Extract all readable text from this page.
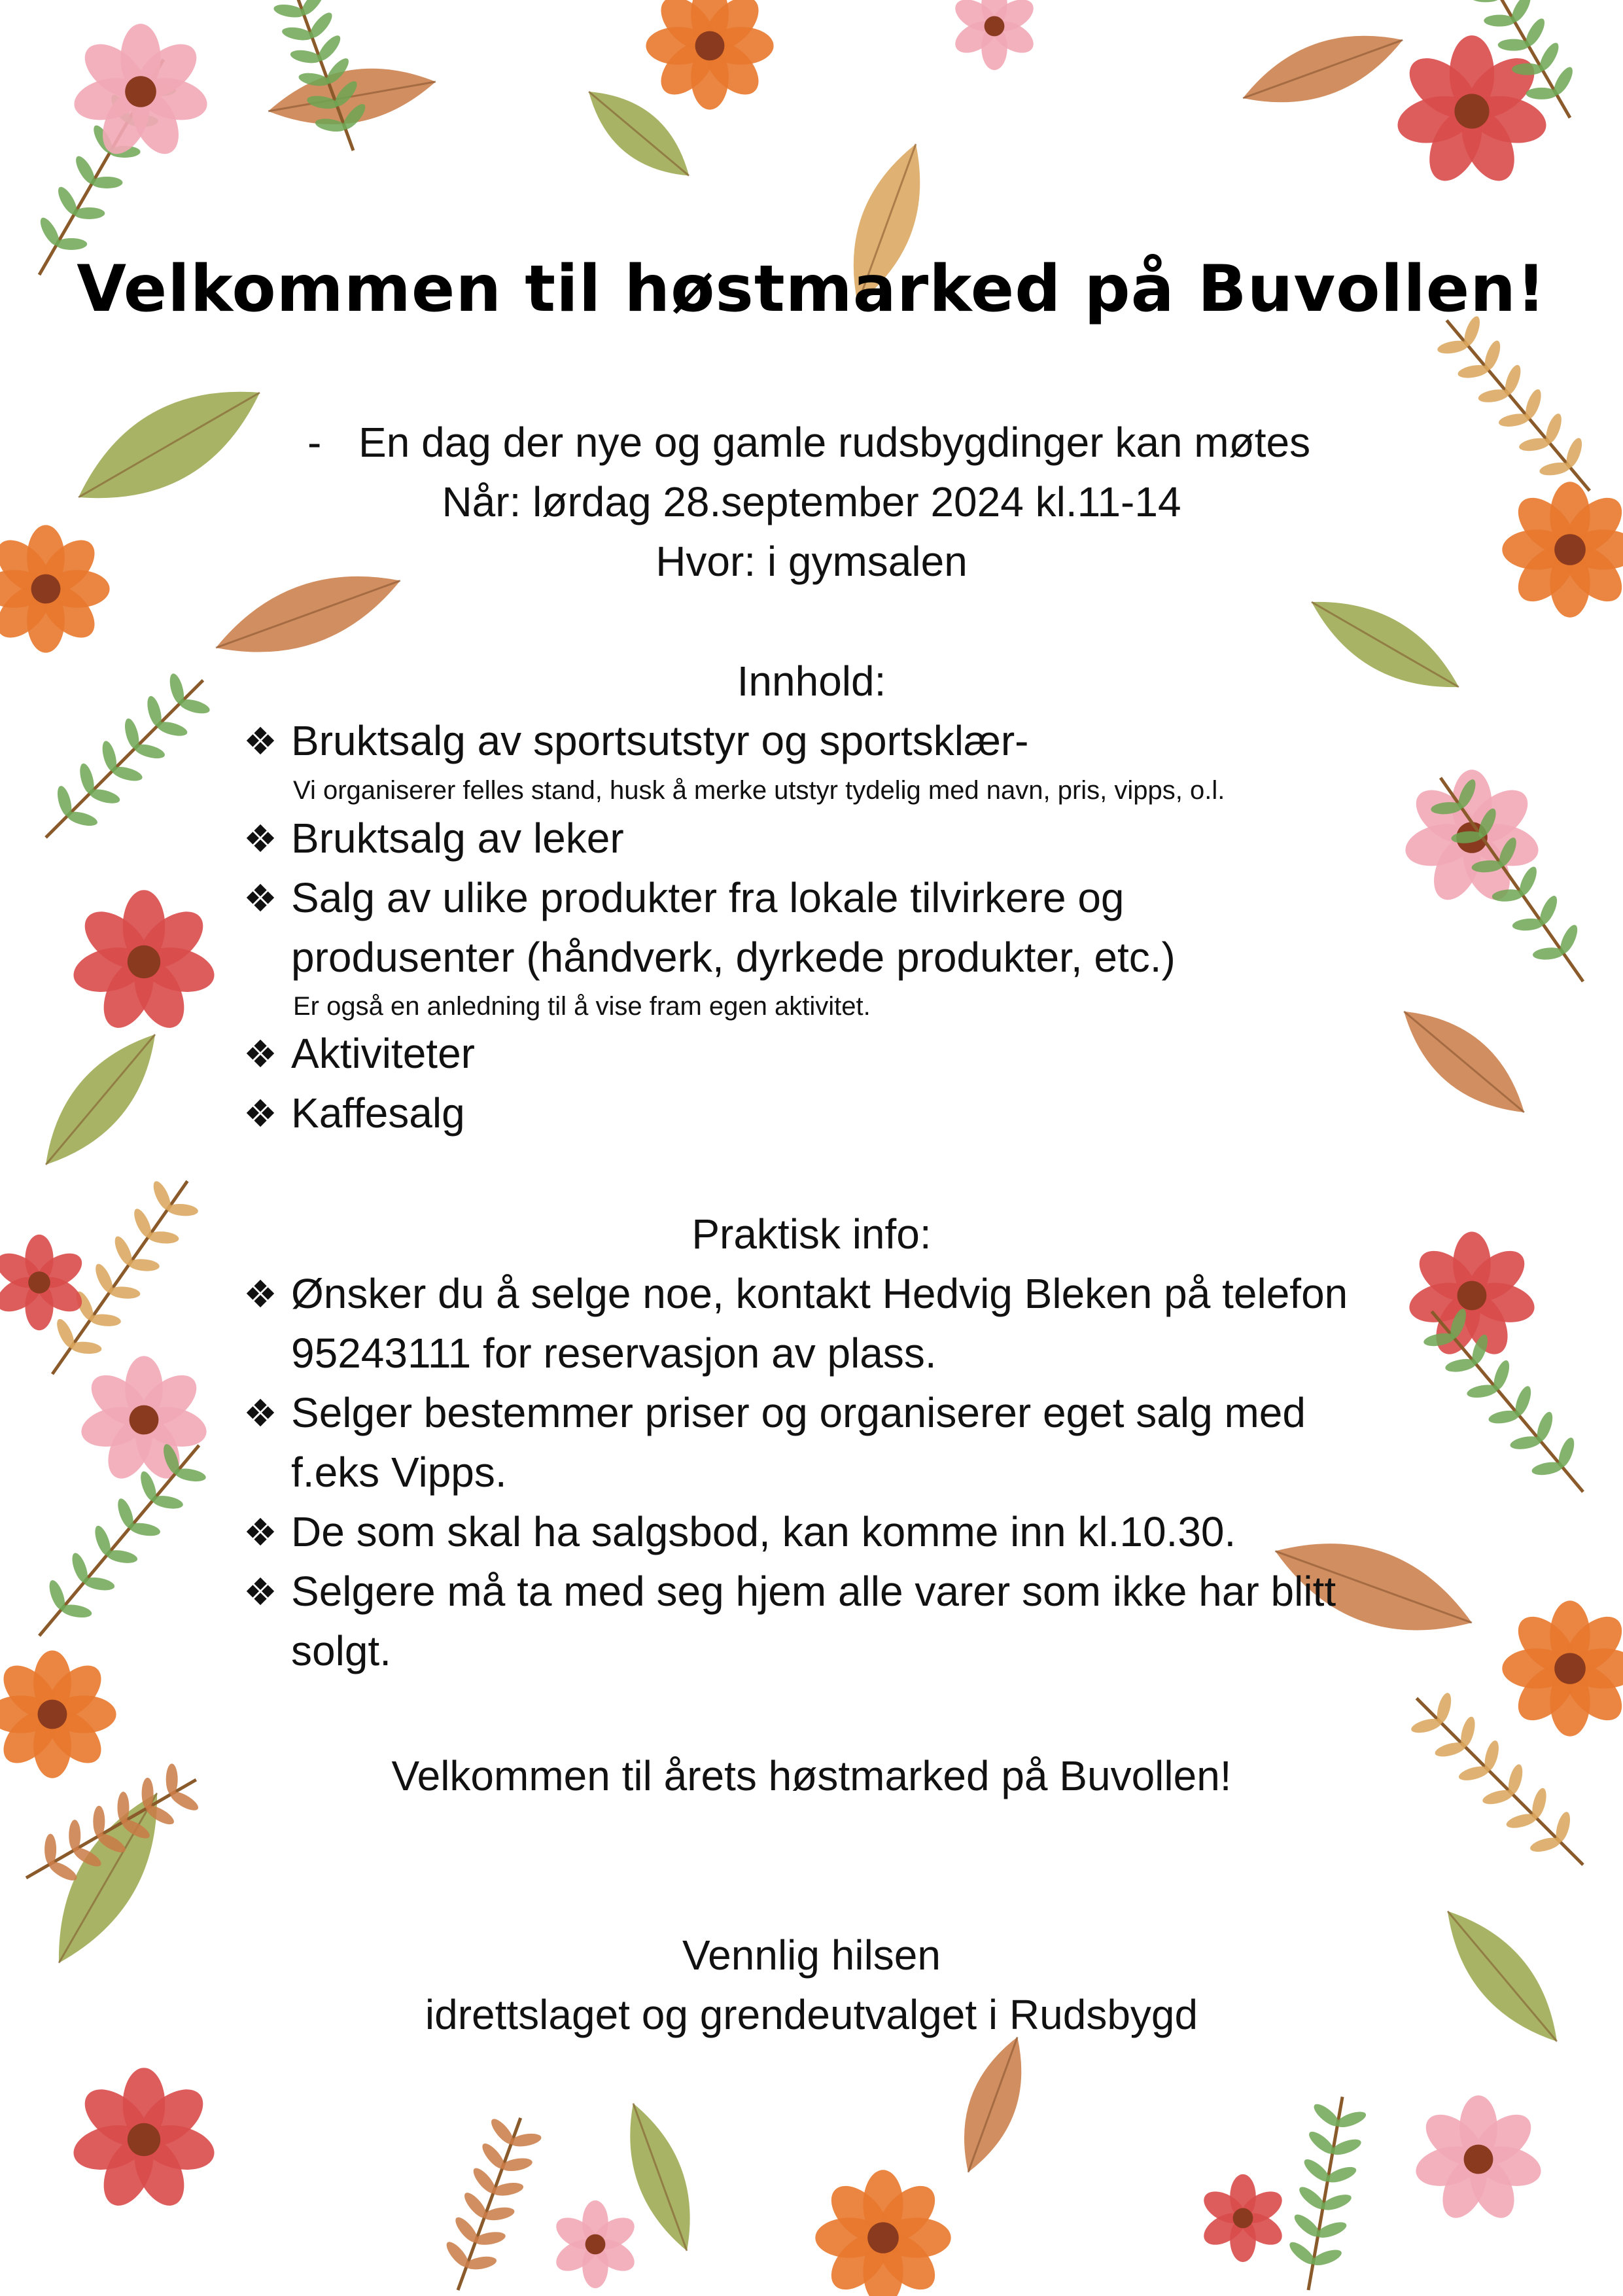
Velkommen til høstmarked på Buvollen!
- En dag der nye og gamle rudsbygdinger kan møtes
Når: lørdag 28.september 2024 kl.11-14
Hvor: i gymsalen
Innhold:
❖ Bruktsalg av sportsutstyr og sportsklær-
Vi organiserer felles stand, husk å merke utstyr tydelig med navn, pris, vipps, o.l.
❖ Bruktsalg av leker
❖ Salg av ulike produkter fra lokale tilvirkere og
produsenter (håndverk, dyrkede produkter, etc.)
Er også en anledning til å vise fram egen aktivitet.
❖ Aktiviteter
❖ Kaffesalg
Praktisk info:
❖ Ønsker du å selge noe, kontakt Hedvig Bleken på telefon
95243111 for reservasjon av plass.
❖ Selger bestemmer priser og organiserer eget salg med
f.eks Vipps.
❖ De som skal ha salgsbod, kan komme inn kl.10.30.
❖ Selgere må ta med seg hjem alle varer som ikke har blitt
solgt.
Velkommen til årets høstmarked på Buvollen!
Vennlig hilsen
idrettslaget og grendeutvalget i Rudsbygd
